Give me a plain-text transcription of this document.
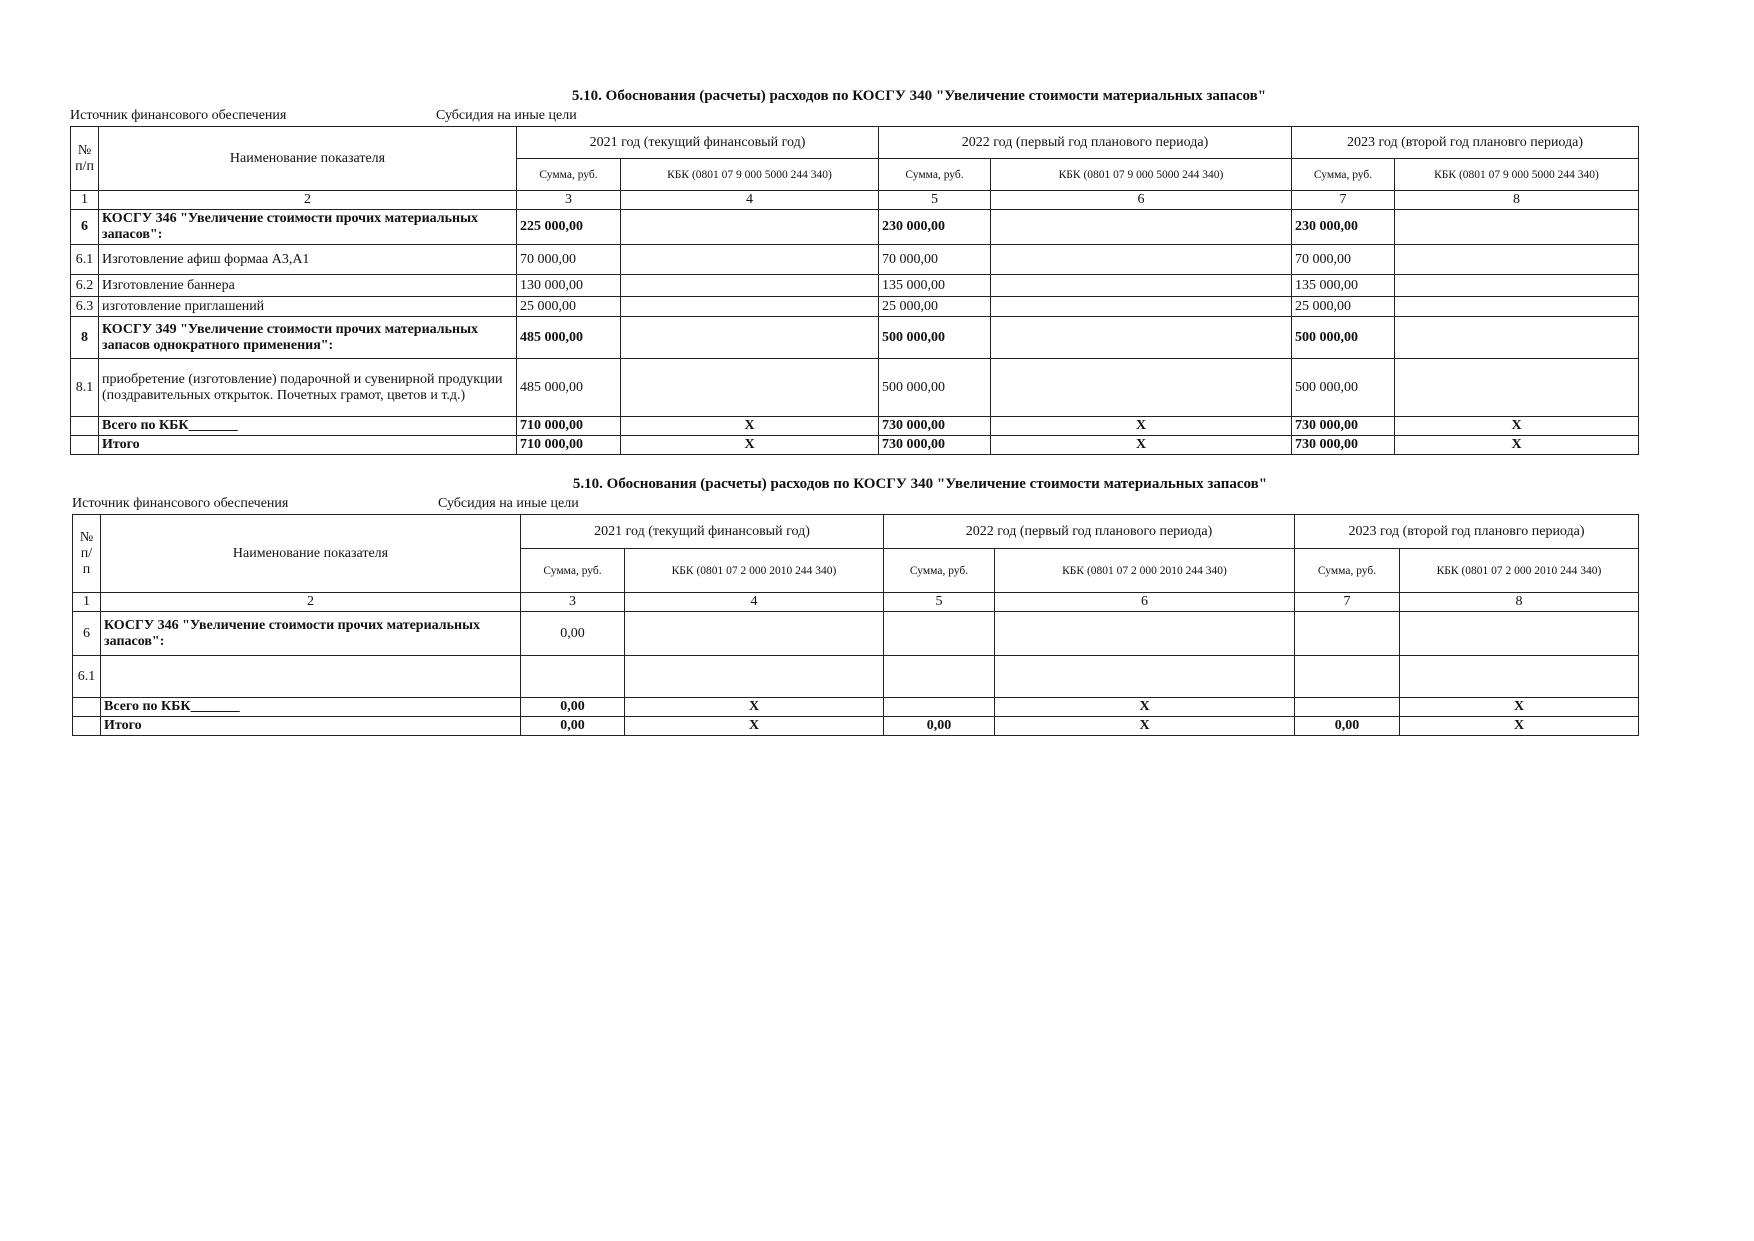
5.10. Обоснования (расчеты) расходов по КОСГУ 340 "Увеличение стоимости материальных запасов"
Источник финансового обеспечения	Субсидия на иные цели
№ п/п	Наименование показателя	2021 год (текущий финансовый год)		2022 год (первый год планового периода)		2023 год (второй год плановго периода)	
		Сумма, руб.	КБК (0801 07 9 000 5000 244 340)	Сумма, руб.	КБК (0801 07 9 000 5000 244 340)	Сумма, руб.	КБК (0801 07 9 000 5000 244 340)
1	2	3	4	5	6	7	8
6	КОСГУ 346 "Увеличение стоимости прочих материальных запасов":	225 000,00		230 000,00		230 000,00	
6.1	Изготовление афиш формаа А3,А1	70 000,00		70 000,00		70 000,00	
6.2	Изготовление баннера	130 000,00		135 000,00		135 000,00	
6.3	изготовление приглашений	25 000,00		25 000,00		25 000,00	
8	КОСГУ 349 "Увеличение стоимости прочих материальных запасов однократного применения":	485 000,00		500 000,00		500 000,00	
8.1	приобретение (изготовление) подарочной и сувенирной продукции (поздравительных открыток. Почетных грамот, цветов и т.д.)	485 000,00		500 000,00		500 000,00	
	Всего по КБК_______	710 000,00	X	730 000,00	X	730 000,00	X
	Итого	710 000,00	X	730 000,00	X	730 000,00	X
5.10. Обоснования (расчеты) расходов по КОСГУ 340 "Увеличение стоимости материальных запасов"
Источник финансового обеспечения	Субсидия на иные цели
№ п/ п	Наименование показателя	2021 год (текущий финансовый год)		2022 год (первый год планового периода)		2023 год (второй год плановго периода)	
		Сумма, руб.	КБК (0801 07 2 000 2010 244 340)	Сумма, руб.	КБК (0801 07 2 000 2010 244 340)	Сумма, руб.	КБК (0801 07 2 000 2010 244 340)
1	2	3	4	5	6	7	8
6	КОСГУ 346 "Увеличение стоимости прочих материальных запасов":	0,00					
6.1							
	Всего по КБК_______	0,00	X		X		X
	Итого	0,00	X	0,00	X	0,00	X
